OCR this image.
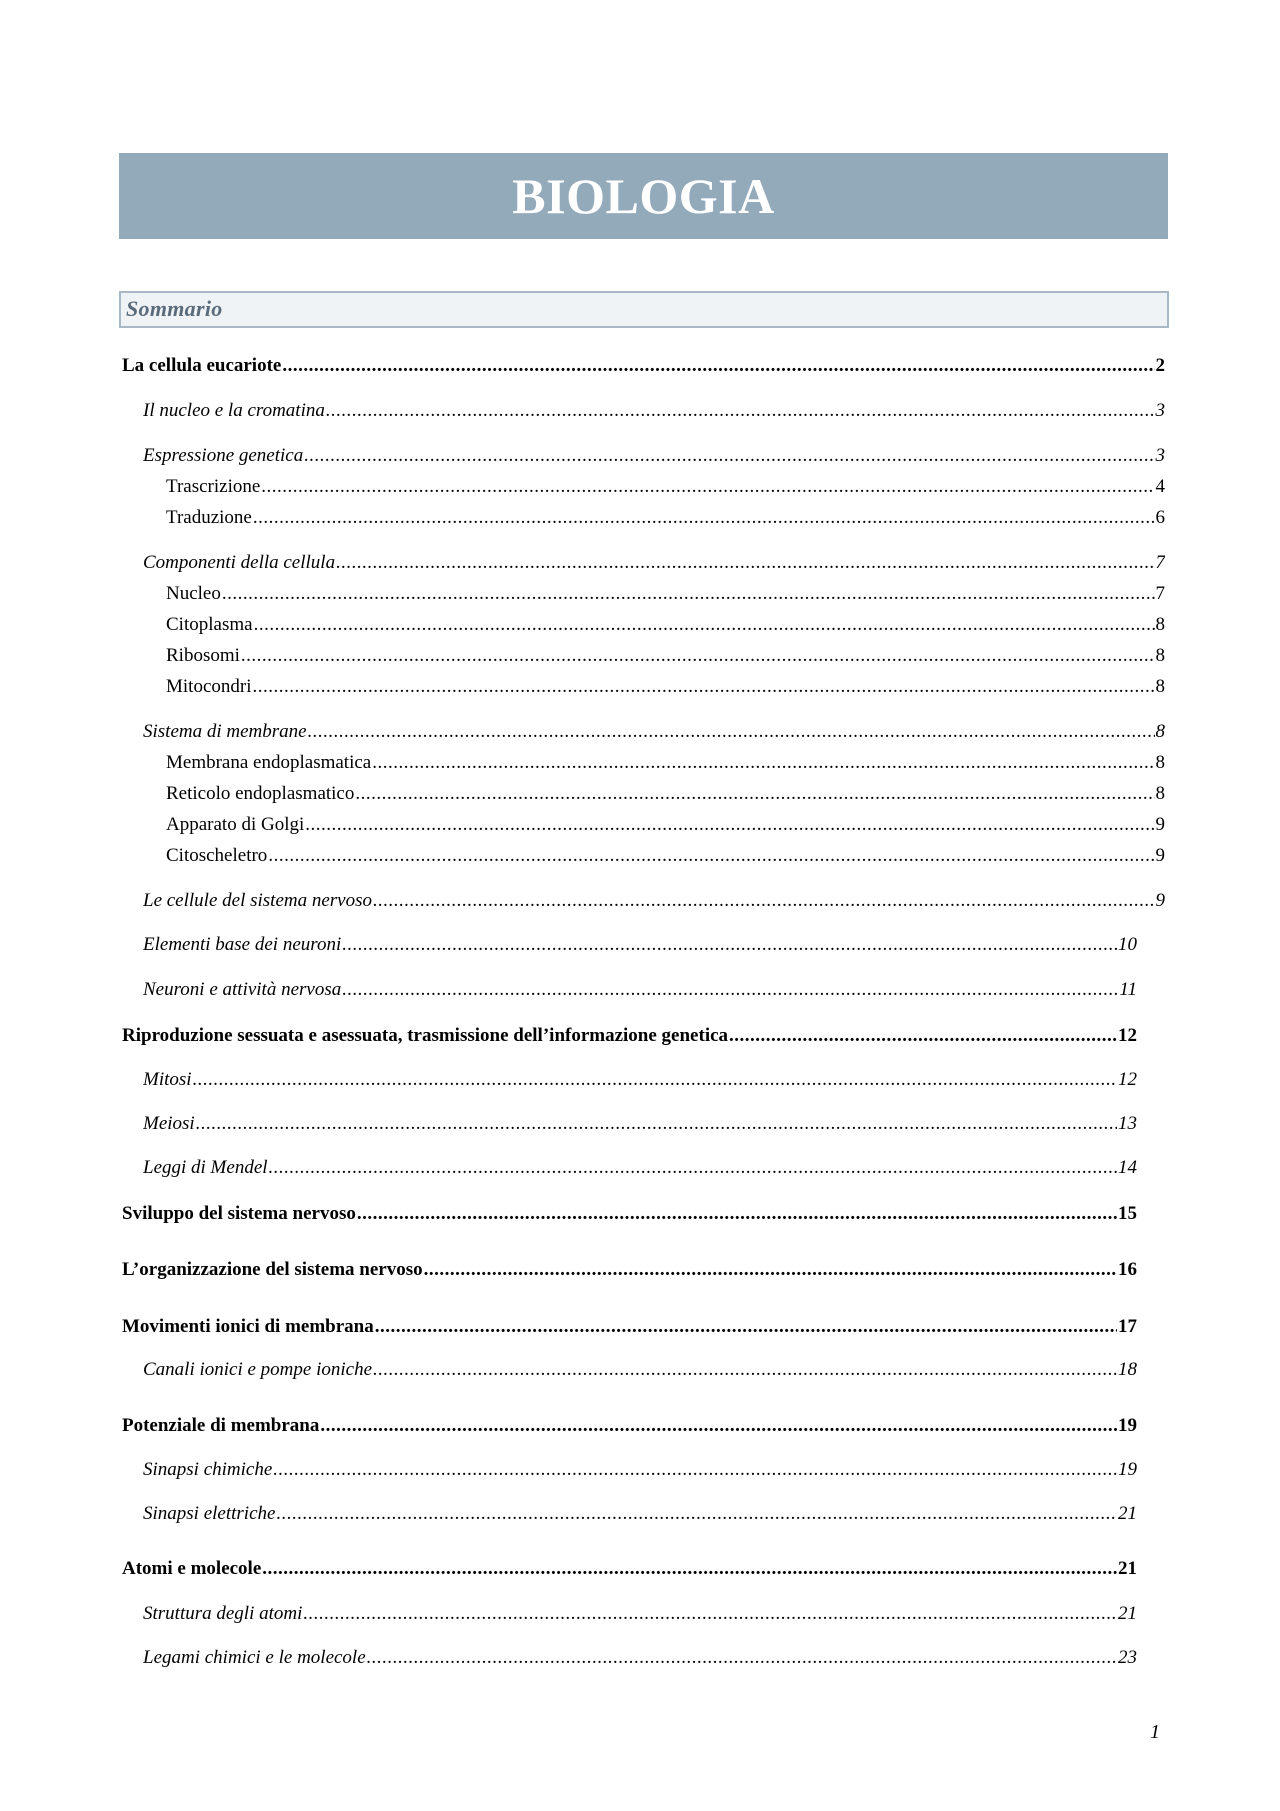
BIOLOGIA
Sommario
La cellula eucariote .....	2
Il nucleo e la cromatina .....	3
Espressione genetica .....	3
Trascrizione .....	4
Traduzione .....	6
Componenti della cellula .....	7
Nucleo .....	7
Citoplasma .....	8
Ribosomi .....	8
Mitocondri .....	8
Sistema di membrane .....	8
Membrana endoplasmatica .....	8
Reticolo endoplasmatico .....	8
Apparato di Golgi .....	9
Citoscheletro .....	9
Le cellule del sistema nervoso .....	9
Elementi base dei neuroni .....	10
Neuroni e attività nervosa .....	11
Riproduzione sessuata e asessuata, trasmissione dell’informazione genetica .....	12
Mitosi .....	12
Meiosi .....	13
Leggi di Mendel .....	14
Sviluppo del sistema nervoso .....	15
L’organizzazione del sistema nervoso .....	16
Movimenti ionici di membrana .....	17
Canali ionici e pompe ioniche .....	18
Potenziale di membrana .....	19
Sinapsi chimiche .....	19
Sinapsi elettriche .....	21
Atomi e molecole .....	21
Struttura degli atomi .....	21
Legami chimici e le molecole .....	23
1
